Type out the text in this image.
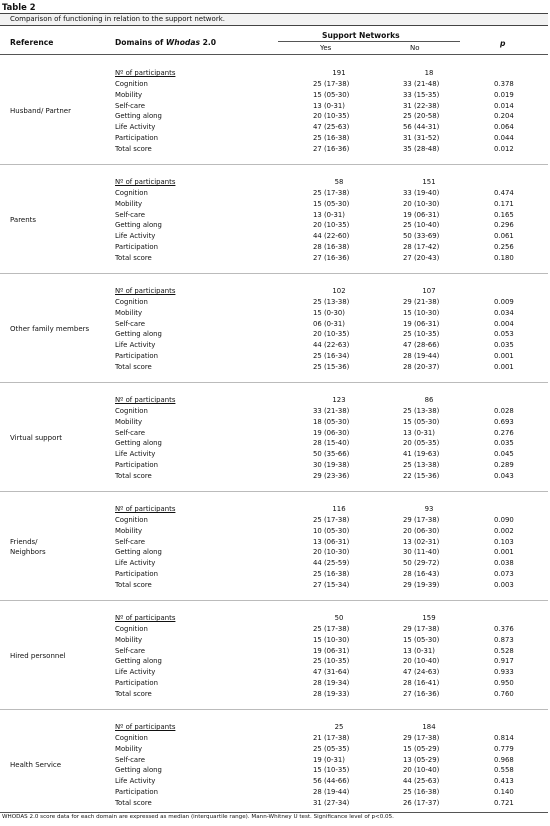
Table 2
Comparison of functioning in relation to the support network.
Reference	Domains of Whodas 2.0
Support Networks
Yes	No	p
Husband/ Partner
Nº of participants	191	18
Cognition	25 (17-38)	33 (21-48)	0.378
Mobility	15 (05-30)	33 (15-35)	0.019
Self-care	13 (0-31)	31 (22-38)	0.014
Getting along	20 (10-35)	25 (20-58)	0.204
Life Activity	47 (25-63)	56 (44-31)	0.064
Participation	25 (16-38)	31 (31-52)	0.044
Total score	27 (16-36)	35 (28-48)	0.012
Parents
Nº of participants	58	151
Cognition	25 (17-38)	33 (19-40)	0.474
Mobility	15 (05-30)	20 (10-30)	0.171
Self-care	13 (0-31)	19 (06-31)	0.165
Getting along	20 (10-35)	25 (10-40)	0.296
Life Activity	44 (22-60)	50 (33-69)	0.061
Participation	28 (16-38)	28 (17-42)	0.256
Total score	27 (16-36)	27 (20-43)	0.180
Other family members
Nº of participants	102	107
Cognition	25 (13-38)	29 (21-38)	0.009
Mobility	15 (0-30)	15 (10-30)	0.034
Self-care	06 (0-31)	19 (06-31)	0.004
Getting along	20 (10-35)	25 (10-35)	0.053
Life Activity	44 (22-63)	47 (28-66)	0.035
Participation	25 (16-34)	28 (19-44)	0.001
Total score	25 (15-36)	28 (20-37)	0.001
Virtual support
Nº of participants	123	86
Cognition	33 (21-38)	25 (13-38)	0.028
Mobility	18 (05-30)	15 (05-30)	0.693
Self-care	19 (06-30)	13 (0-31)	0.276
Getting along	28 (15-40)	20 (05-35)	0.035
Life Activity	50 (35-66)	41 (19-63)	0.045
Participation	30 (19-38)	25 (13-38)	0.289
Total score	29 (23-36)	22 (15-36)	0.043
Friends/
Neighbors
Nº of participants	116	93
Cognition	25 (17-38)	29 (17-38)	0.090
Mobility	10 (05-30)	20 (06-30)	0.002
Self-care	13 (06-31)	13 (02-31)	0.103
Getting along	20 (10-30)	30 (11-40)	0.001
Life Activity	44 (25-59)	50 (29-72)	0.038
Participation	25 (16-38)	28 (16-43)	0.073
Total score	27 (15-34)	29 (19-39)	0.003
Hired personnel
Nº of participants	50	159
Cognition	25 (17-38)	29 (17-38)	0.376
Mobility	15 (10-30)	15 (05-30)	0.873
Self-care	19 (06-31)	13 (0-31)	0.528
Getting along	25 (10-35)	20 (10-40)	0.917
Life Activity	47 (31-64)	47 (24-63)	0.933
Participation	28 (19-34)	28 (16-41)	0.950
Total score	28 (19-33)	27 (16-36)	0.760
Health Service
Nº of participants	25	184
Cognition	21 (17-38)	29 (17-38)	0.814
Mobility	25 (05-35)	15 (05-29)	0.779
Self-care	19 (0-31)	13 (05-29)	0.968
Getting along	15 (10-35)	20 (10-40)	0.558
Life Activity	56 (44-66)	44 (25-63)	0.413
Participation	28 (19-44)	25 (16-38)	0.140
Total score	31 (27-34)	26 (17-37)	0.721
WHODAS 2.0 score data for each domain are expressed as median (interquartile range). Mann-Whitney U test. Significance level of p<0.05.
